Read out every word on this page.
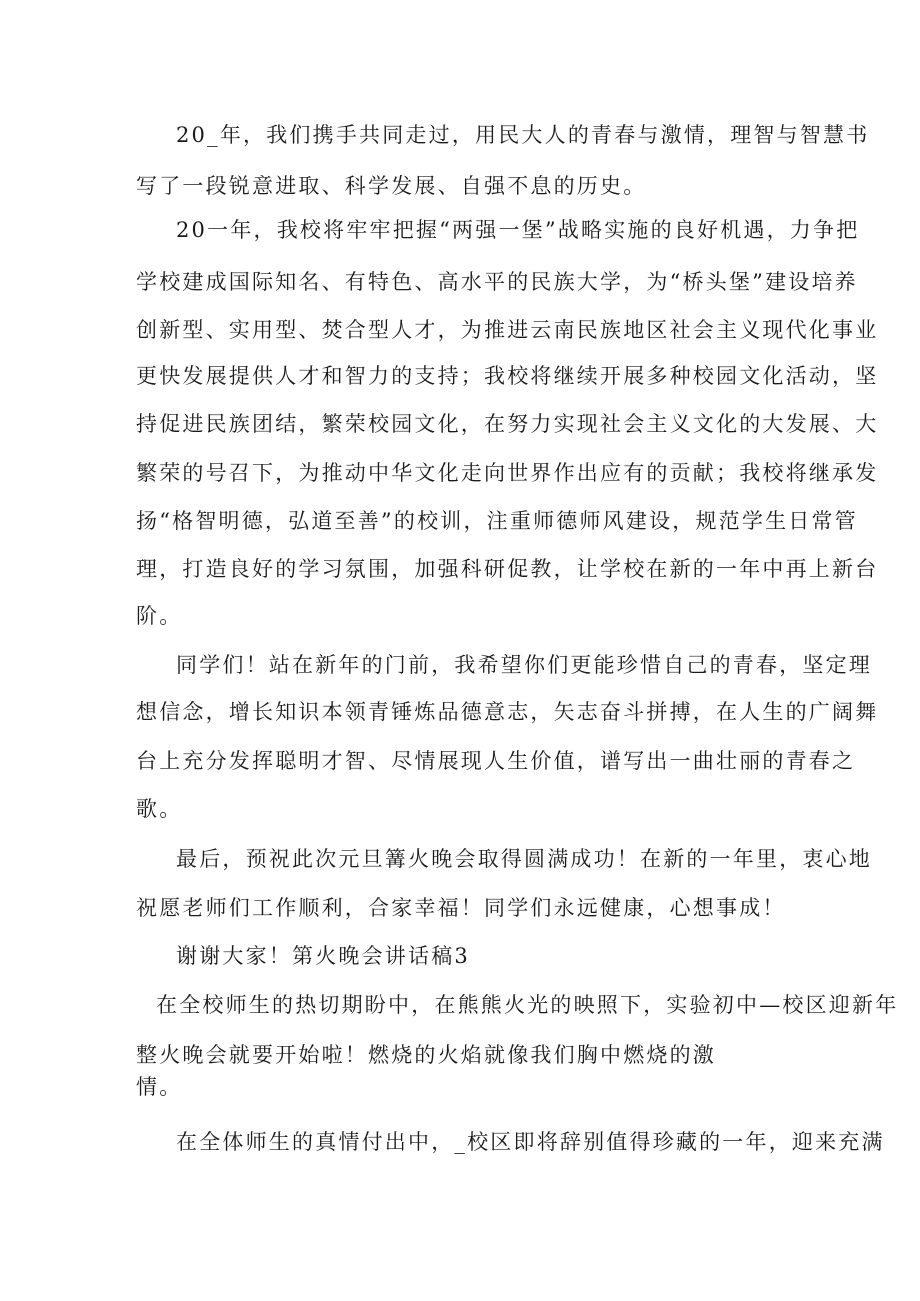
20_年，我们携手共同走过，用民大人的青春与激情，理智与智慧书
写了一段锐意进取、科学发展、自强不息的历史。
20一年，我校将牢牢把握“两强一堡”战略实施的良好机遇，力争把
学校建成国际知名、有特色、高水平的民族大学，为“桥头堡”建设培养
创新型、实用型、焚合型人才，为推进云南民族地区社会主义现代化事业
更快发展提供人才和智力的支持；我校将继续开展多种校园文化活动，坚
持促进民族团结，繁荣校园文化，在努力实现社会主义文化的大发展、大
繁荣的号召下，为推动中华文化走向世界作出应有的贡献；我校将继承发
扬“格智明德，弘道至善”的校训，注重师德师风建设，规范学生日常管
理，打造良好的学习氛围，加强科研促教，让学校在新的一年中再上新台
阶。
同学们！站在新年的门前，我希望你们更能珍惜自己的青春，坚定理
想信念，增长知识本领青锤炼品德意志，矢志奋斗拼搏，在人生的广阔舞
台上充分发挥聪明才智、尽情展现人生价值，谱写出一曲壮丽的青春之
歌。
最后，预祝此次元旦篝火晚会取得圆满成功！在新的一年里，衷心地
祝愿老师们工作顺利，合家幸福！同学们永远健康，心想事成！
谢谢大家！第火晚会讲话稿3
在全校师生的热切期盼中，在熊熊火光的映照下，实验初中—校区迎新年
整火晚会就要开始啦！燃烧的火焰就像我们胸中燃烧的激
情。
在全体师生的真情付出中，_校区即将辞别值得珍藏的一年，迎来充满
